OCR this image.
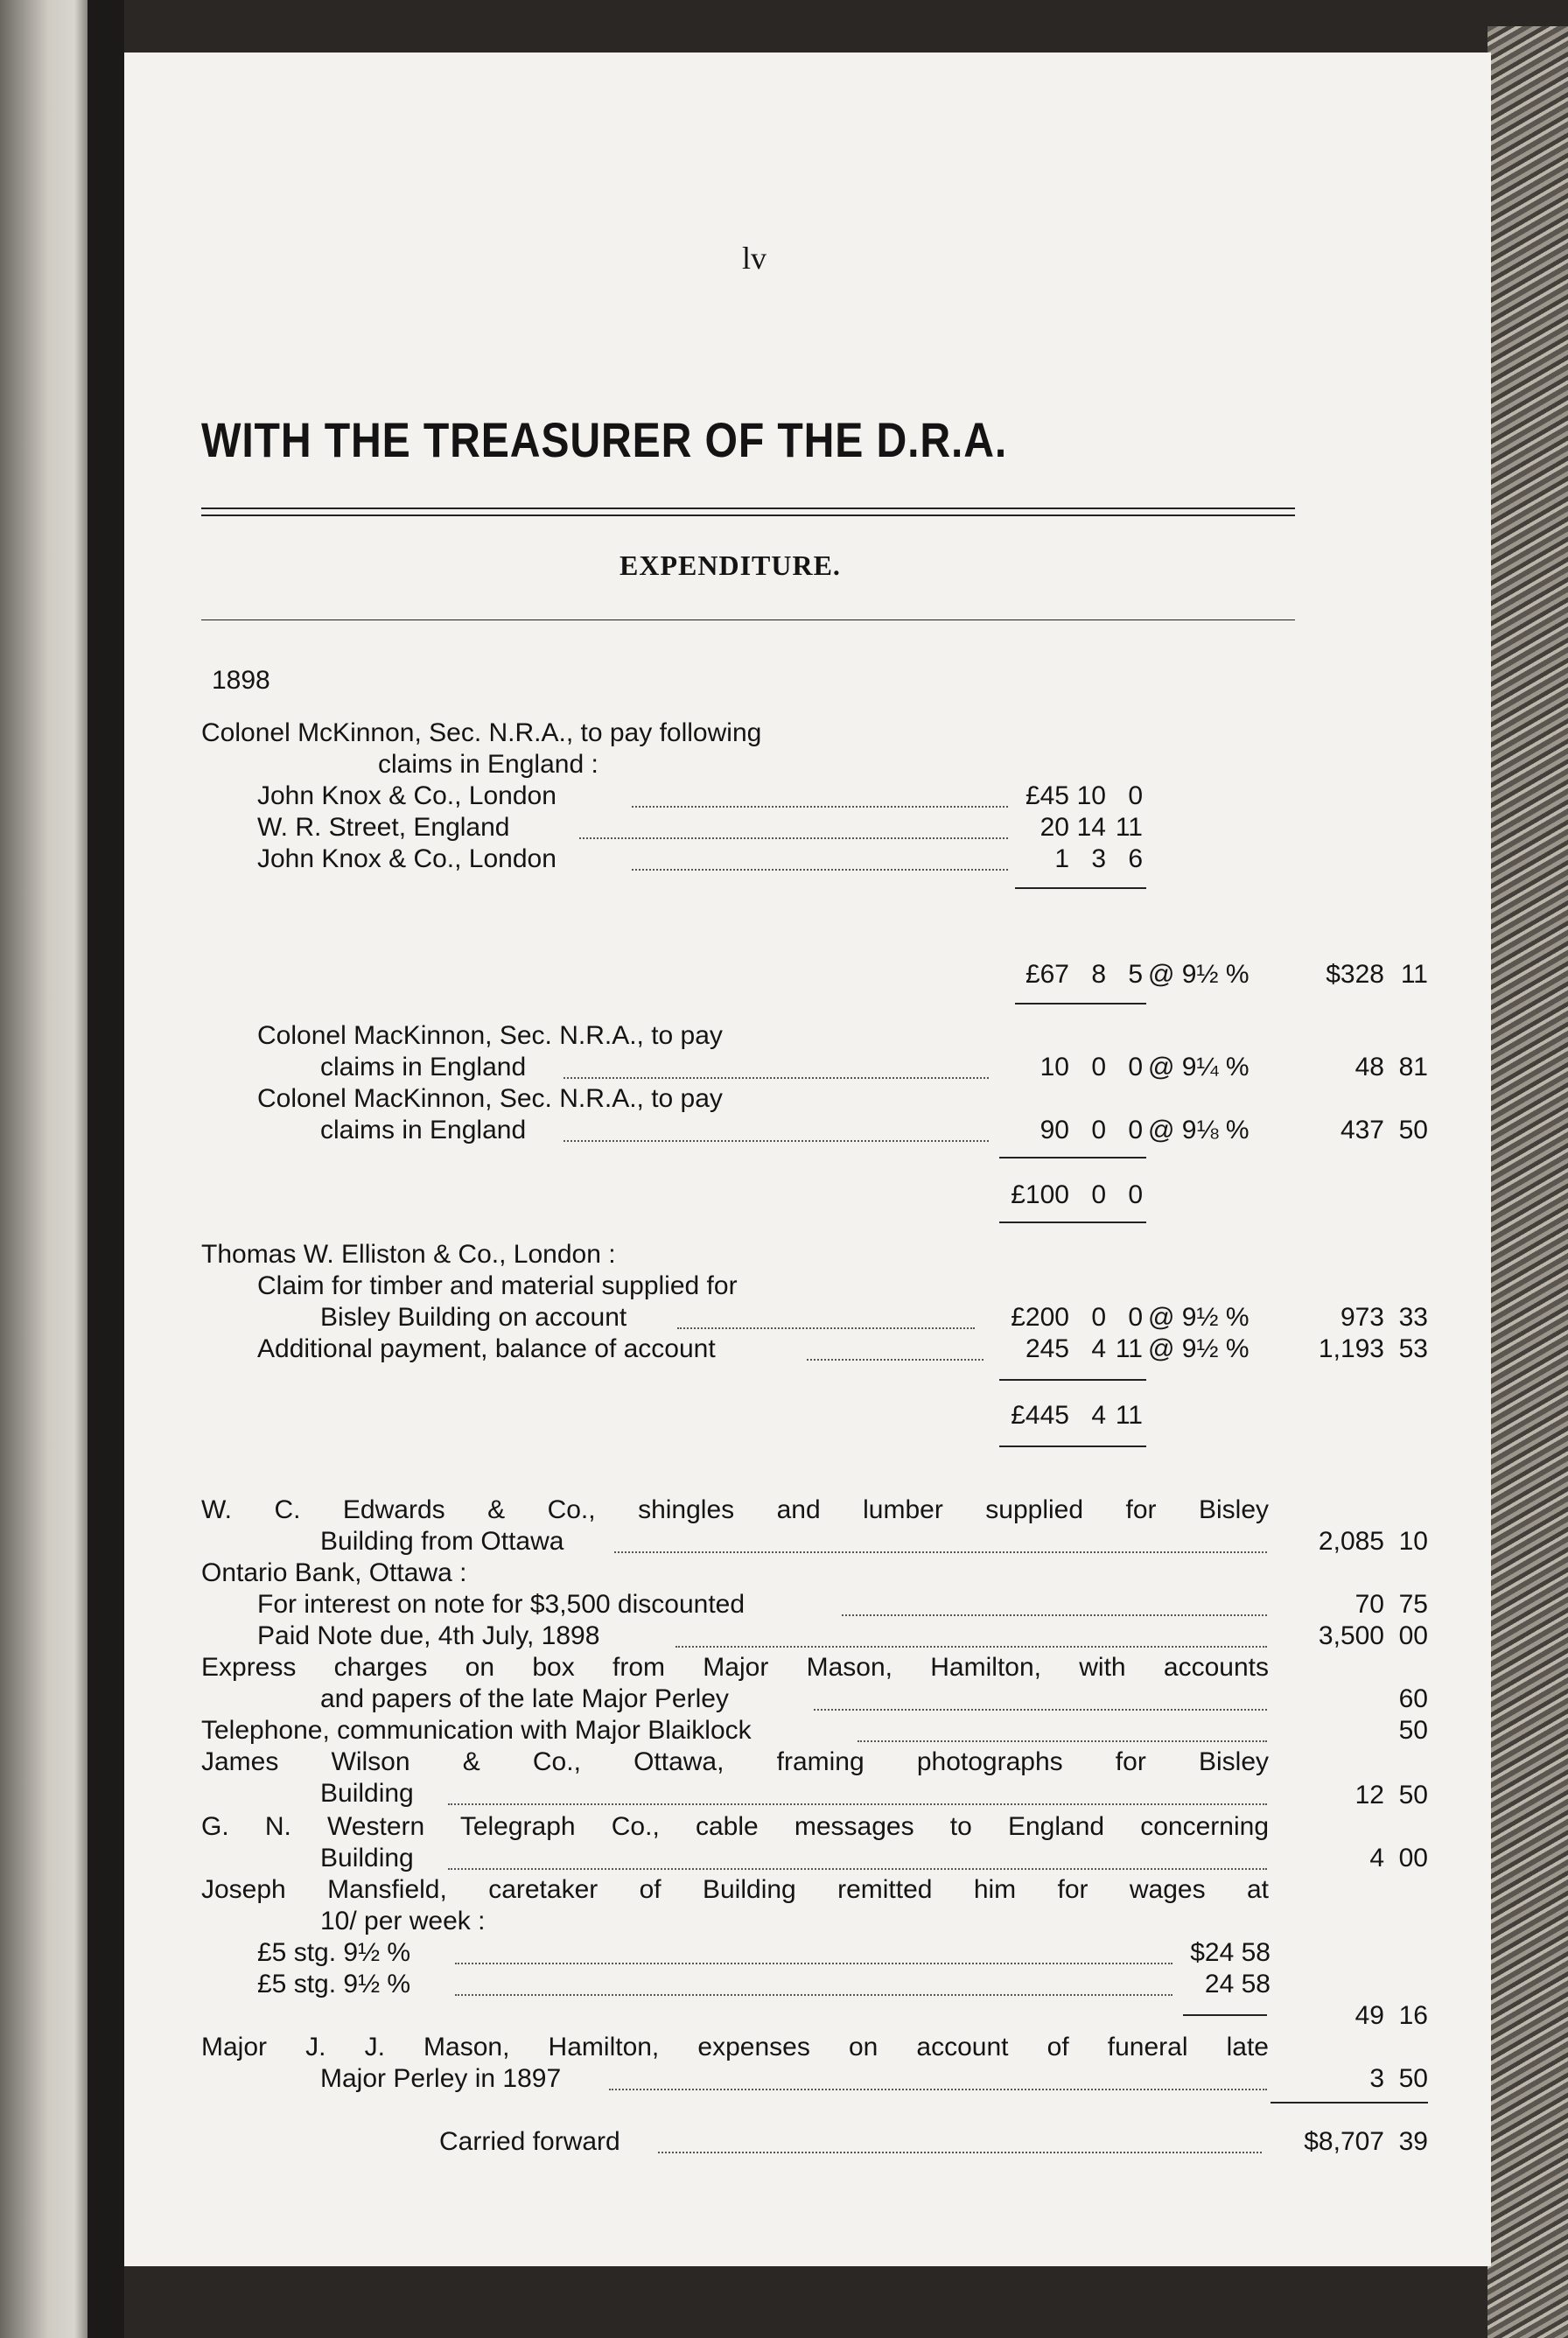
lv
WITH THE TREASURER OF THE D.R.A.
EXPENDITURE.
1898
Colonel McKinnon, Sec. N.R.A., to pay following
claims in England :
John Knox & Co., London	£45 10 0
W. R. Street, England	20 14 11
John Knox & Co., London	1 3 6
£67 8 5 @ 9½ %	$328 11
Colonel MacKinnon, Sec. N.R.A., to pay
claims in England	10 0 0 @ 9¼ %	48 81
Colonel MacKinnon, Sec. N.R.A., to pay
claims in England	90 0 0 @ 9⅛ %	437 50
£100 0 0
Thomas W. Elliston & Co., London :
Claim for timber and material supplied for
Bisley Building on account	£200 0 0 @ 9½ %	973 33
Additional payment, balance of account	245 4 11 @ 9½ %	1,193 53
£445 4 11
W. C. Edwards & Co., shingles and lumber supplied for Bisley
Building from Ottawa	2,085 10
Ontario Bank, Ottawa :
For interest on note for $3,500 discounted	70 75
Paid Note due, 4th July, 1898	3,500 00
Express charges on box from Major Mason, Hamilton, with accounts
and papers of the late Major Perley	60
Telephone, communication with Major Blaiklock	50
James Wilson & Co., Ottawa, framing photographs for Bisley
Building	12 50
G. N. Western Telegraph Co., cable messages to England concerning
Building	4 00
Joseph Mansfield, caretaker of Building remitted him for wages at
10/ per week :
£5 stg. 9½ %	$24 58
£5 stg. 9½ %	24 58
49 16
Major J. J. Mason, Hamilton, expenses on account of funeral late
Major Perley in 1897	3 50
Carried forward	$8,707 39
